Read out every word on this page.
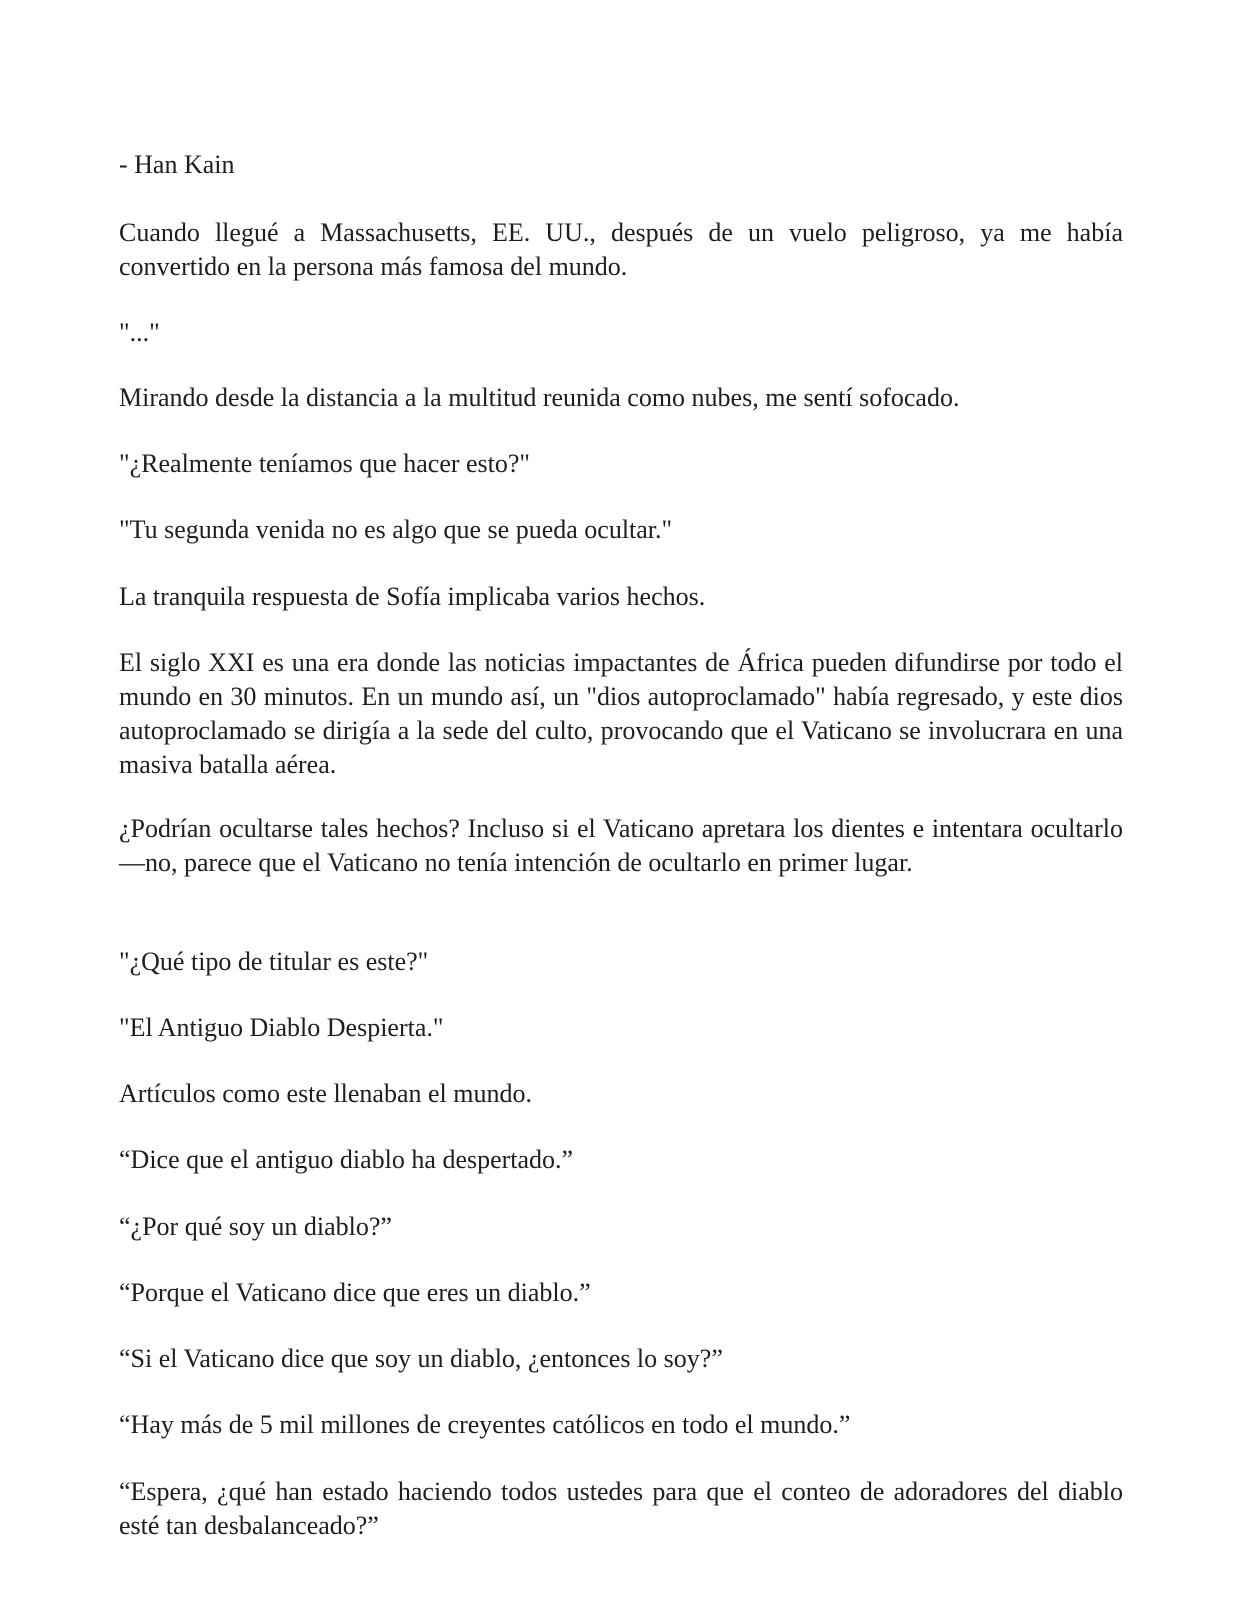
- Han Kain

Cuando llegué a Massachusetts, EE. UU., después de un vuelo peligroso, ya me había convertido en la persona más famosa del mundo.

"..."

Mirando desde la distancia a la multitud reunida como nubes, me sentí sofocado.

"¿Realmente teníamos que hacer esto?"

"Tu segunda venida no es algo que se pueda ocultar."

La tranquila respuesta de Sofía implicaba varios hechos.

El siglo XXI es una era donde las noticias impactantes de África pueden difundirse por todo el mundo en 30 minutos. En un mundo así, un "dios autoproclamado" había regresado, y este dios autoproclamado se dirigía a la sede del culto, provocando que el Vaticano se involucrara en una masiva batalla aérea.

¿Podrían ocultarse tales hechos? Incluso si el Vaticano apretara los dientes e intentara ocultarlo—no, parece que el Vaticano no tenía intención de ocultarlo en primer lugar.

"¿Qué tipo de titular es este?"

"El Antiguo Diablo Despierta."

Artículos como este llenaban el mundo.

“Dice que el antiguo diablo ha despertado.”

“¿Por qué soy un diablo?”

“Porque el Vaticano dice que eres un diablo.”

“Si el Vaticano dice que soy un diablo, ¿entonces lo soy?”

“Hay más de 5 mil millones de creyentes católicos en todo el mundo.”

“Espera, ¿qué han estado haciendo todos ustedes para que el conteo de adoradores del diablo esté tan desbalanceado?”
